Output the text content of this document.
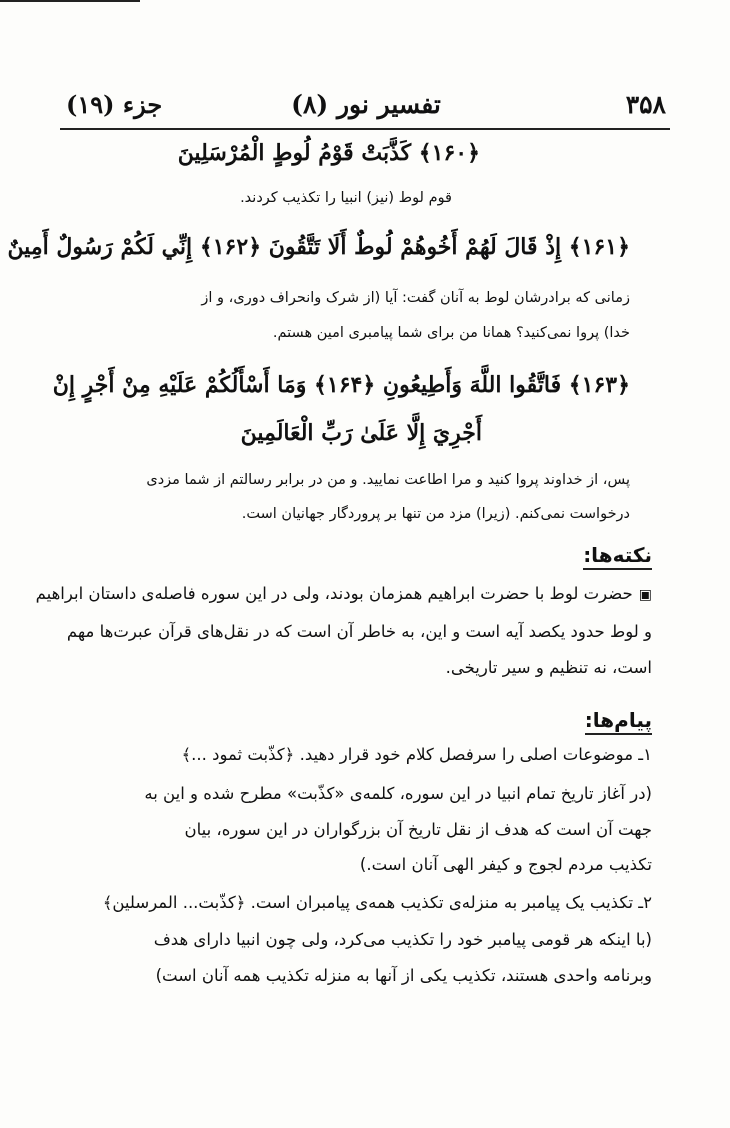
۳۵۸
تفسیر نور (۸)
جزء (۱۹)

﴿۱۶۰﴾ كَذَّبَتْ قَوْمُ لُوطٍ الْمُرْسَلِينَ

قوم لوط (نیز) انبیا را تکذیب کردند.

﴿۱۶۱﴾ إِذْ قَالَ لَهُمْ أَخُوهُمْ لُوطٌ أَلَا تَتَّقُونَ ﴿۱۶۲﴾ إِنِّي لَكُمْ رَسُولٌ أَمِينٌ

زمانی که برادرشان لوط به آنان گفت: آیا (از شرک وانحراف دوری، و از

خدا) پروا نمی‌کنید؟ همانا من برای شما پیامبری امین هستم.

﴿۱۶۳﴾ فَاتَّقُوا اللَّهَ وَأَطِيعُونِ ﴿۱۶۴﴾ وَمَا أَسْأَلُكُمْ عَلَيْهِ مِنْ أَجْرٍ إِنْ

أَجْرِيَ إِلَّا عَلَىٰ رَبِّ الْعَالَمِينَ

پس، از خداوند پروا کنید و مرا اطاعت نمایید. و من در برابر رسالتم از شما مزدی

درخواست نمی‌کنم. (زیرا) مزد من تنها بر پروردگار جهانیان است.

نکته‌ها:

▣حضرت لوط با حضرت ابراهیم همزمان بودند، ولی در این سوره فاصله‌ی داستان ابراهیم

و لوط حدود یکصد آیه است و این، به خاطر آن است که در نقل‌های قرآن عبرت‌ها مهم

است، نه تنظیم و سیر تاریخی.

پیام‌ها:

۱ـ موضوعات اصلی را سرفصل کلام خود قرار دهید. ﴿كذّبت ثمود ...﴾

(در آغاز تاریخ تمام انبیا در این سوره، کلمه‌ی «كذّبت» مطرح شده و این به

جهت آن است که هدف از نقل تاریخ آن بزرگواران در این سوره، بیان

تکذیب مردم لجوج و کیفر الهی آنان است.)

۲ـ تکذیب یک پیامبر به منزله‌ی تکذیب همه‌ی پیامبران است. ﴿كذّبت... المرسلين﴾

(با اینکه هر قومی پیامبر خود را تکذیب می‌کرد، ولی چون انبیا دارای هدف

وبرنامه واحدی هستند، تکذیب یکی از آنها به منزله تکذیب همه آنان است)
